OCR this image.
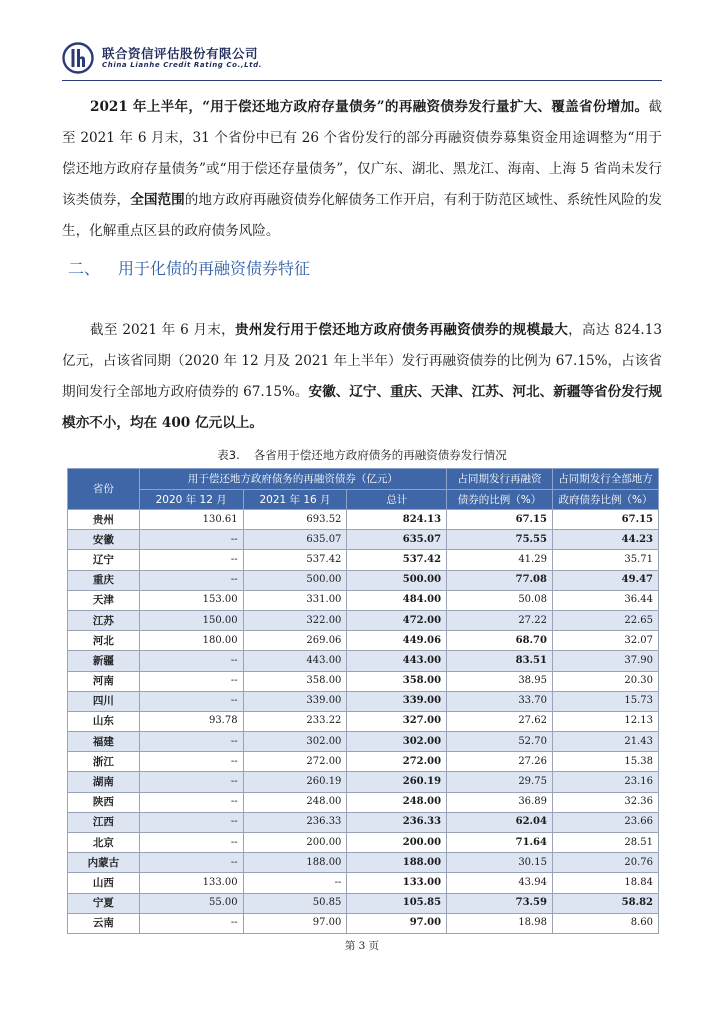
联合资信评估股份有限公司
China Lianhe Credit Rating Co.,Ltd.

2021 年上半年，“用于偿还地方政府存量债务”的再融资债券发行量扩大、覆盖省份增加。截至 2021 年 6 月末，31 个省份中已有 26 个省份发行的部分再融资债券募集资金用途调整为“用于偿还地方政府存量债务”或“用于偿还存量债务”，仅广东、湖北、黑龙江、海南、上海 5 省尚未发行该类债券，全国范围的地方政府再融资债券化解债务工作开启，有利于防范区域性、系统性风险的发生，化解重点区县的政府债务风险。

二、 用于化债的再融资债券特征

截至 2021 年 6 月末，贵州发行用于偿还地方政府债务再融资债券的规模最大，高达 824.13 亿元，占该省同期（2020 年 12 月及 2021 年上半年）发行再融资债券的比例为 67.15%，占该省期间发行全部地方政府债券的 67.15%。安徽、辽宁、重庆、天津、江苏、河北、新疆等省份发行规模亦不小，均在 400 亿元以上。

表3. 各省用于偿还地方政府债务的再融资债券发行情况
省份	用于偿还地方政府债务的再融资债券（亿元）			占同期发行再融资	占同期发行全部地方
	2020 年 12 月	2021 年 16 月	总计	债券的比例（%）	政府债券比例（%）
贵州	130.61	693.52	824.13	67.15	67.15
安徽	--	635.07	635.07	75.55	44.23
辽宁	--	537.42	537.42	41.29	35.71
重庆	--	500.00	500.00	77.08	49.47
天津	153.00	331.00	484.00	50.08	36.44
江苏	150.00	322.00	472.00	27.22	22.65
河北	180.00	269.06	449.06	68.70	32.07
新疆	--	443.00	443.00	83.51	37.90
河南	--	358.00	358.00	38.95	20.30
四川	--	339.00	339.00	33.70	15.73
山东	93.78	233.22	327.00	27.62	12.13
福建	--	302.00	302.00	52.70	21.43
浙江	--	272.00	272.00	27.26	15.38
湖南	--	260.19	260.19	29.75	23.16
陕西	--	248.00	248.00	36.89	32.36
江西	--	236.33	236.33	62.04	23.66
北京	--	200.00	200.00	71.64	28.51
内蒙古	--	188.00	188.00	30.15	20.76
山西	133.00	--	133.00	43.94	18.84
宁夏	55.00	50.85	105.85	73.59	58.82
云南	--	97.00	97.00	18.98	8.60
第 3 页
